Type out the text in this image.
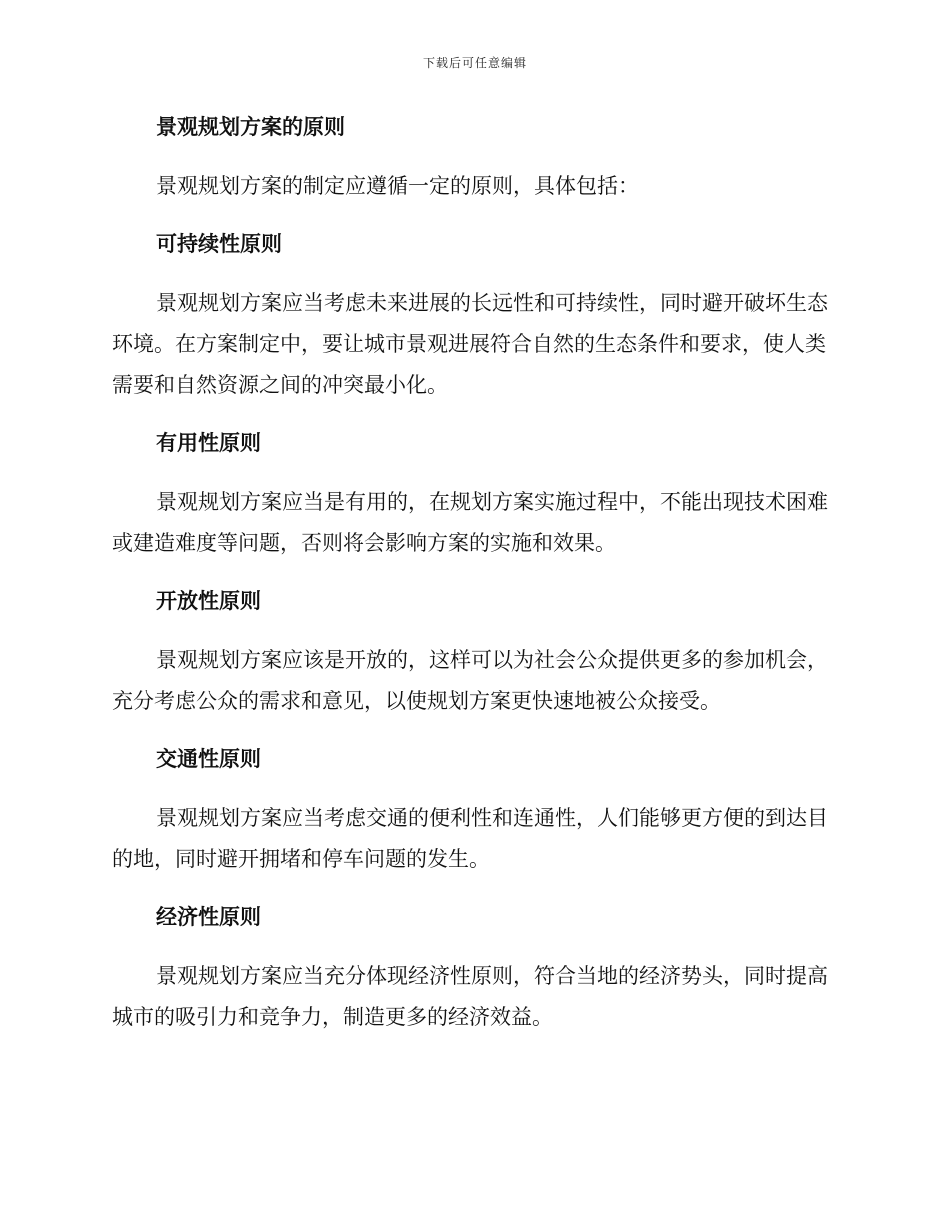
下载后可任意编辑
景观规划方案的原则

景观规划方案的制定应遵循一定的原则，具体包括：

可持续性原则

景观规划方案应当考虑未来进展的长远性和可持续性，同时避开破坏生态环境。在方案制定中，要让城市景观进展符合自然的生态条件和要求，使人类需要和自然资源之间的冲突最小化。

有用性原则

景观规划方案应当是有用的，在规划方案实施过程中，不能出现技术困难或建造难度等问题，否则将会影响方案的实施和效果。

开放性原则

景观规划方案应该是开放的，这样可以为社会公众提供更多的参加机会，充分考虑公众的需求和意见，以使规划方案更快速地被公众接受。

交通性原则

景观规划方案应当考虑交通的便利性和连通性，人们能够更方便的到达目的地，同时避开拥堵和停车问题的发生。

经济性原则

景观规划方案应当充分体现经济性原则，符合当地的经济势头，同时提高城市的吸引力和竞争力，制造更多的经济效益。
